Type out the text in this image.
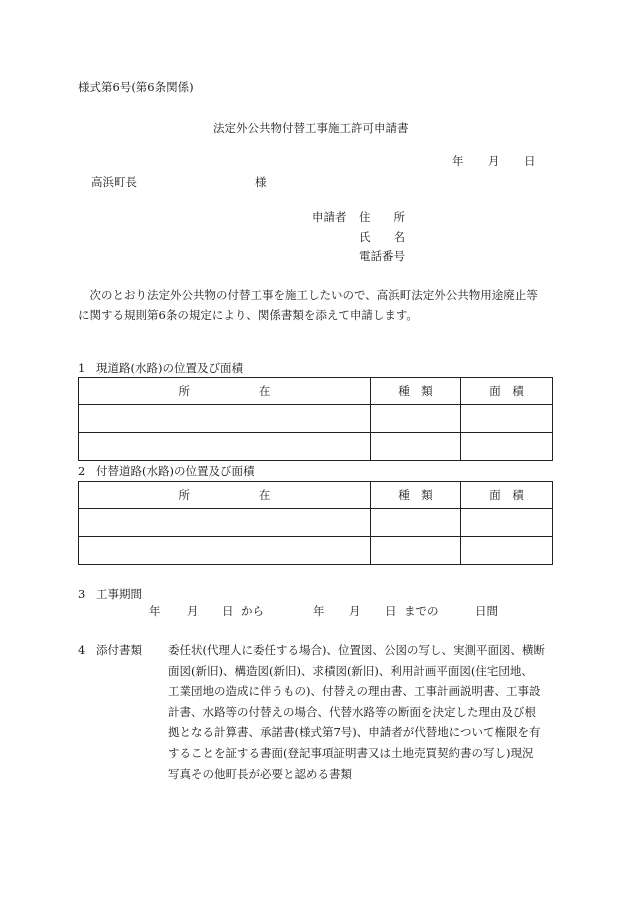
様式第6号(第6条関係)
法定外公共物付替工事施工許可申請書
年 月 日
高浜町長	様
申請者 住　　所
氏　　名
電話番号
　次のとおり法定外公共物の付替工事を施工したいので、高浜町法定外公共物用途廃止等
に関する規則第6条の規定により、関係書類を添えて申請します。
1 現道路(水路)の位置及び面積
所　　　　　　在	種　類	面　積

2 付替道路(水路)の位置及び面積
所　　　　　　在	種　類	面　積

3 工事期間
年 月 日 から	年 月 日 までの	日間
4 添付書類 委任状(代理人に委任する場合)、位置図、公図の写し、実測平面図、横断
面図(新旧)、構造図(新旧)、求積図(新旧)、利用計画平面図(住宅団地、
工業団地の造成に伴うもの)、付替えの理由書、工事計画説明書、工事設
計書、水路等の付替えの場合、代替水路等の断面を決定した理由及び根
拠となる計算書、承諾書(様式第7号)、申請者が代替地について権限を有
することを証する書面(登記事項証明書又は土地売買契約書の写し)現況
写真その他町長が必要と認める書類
